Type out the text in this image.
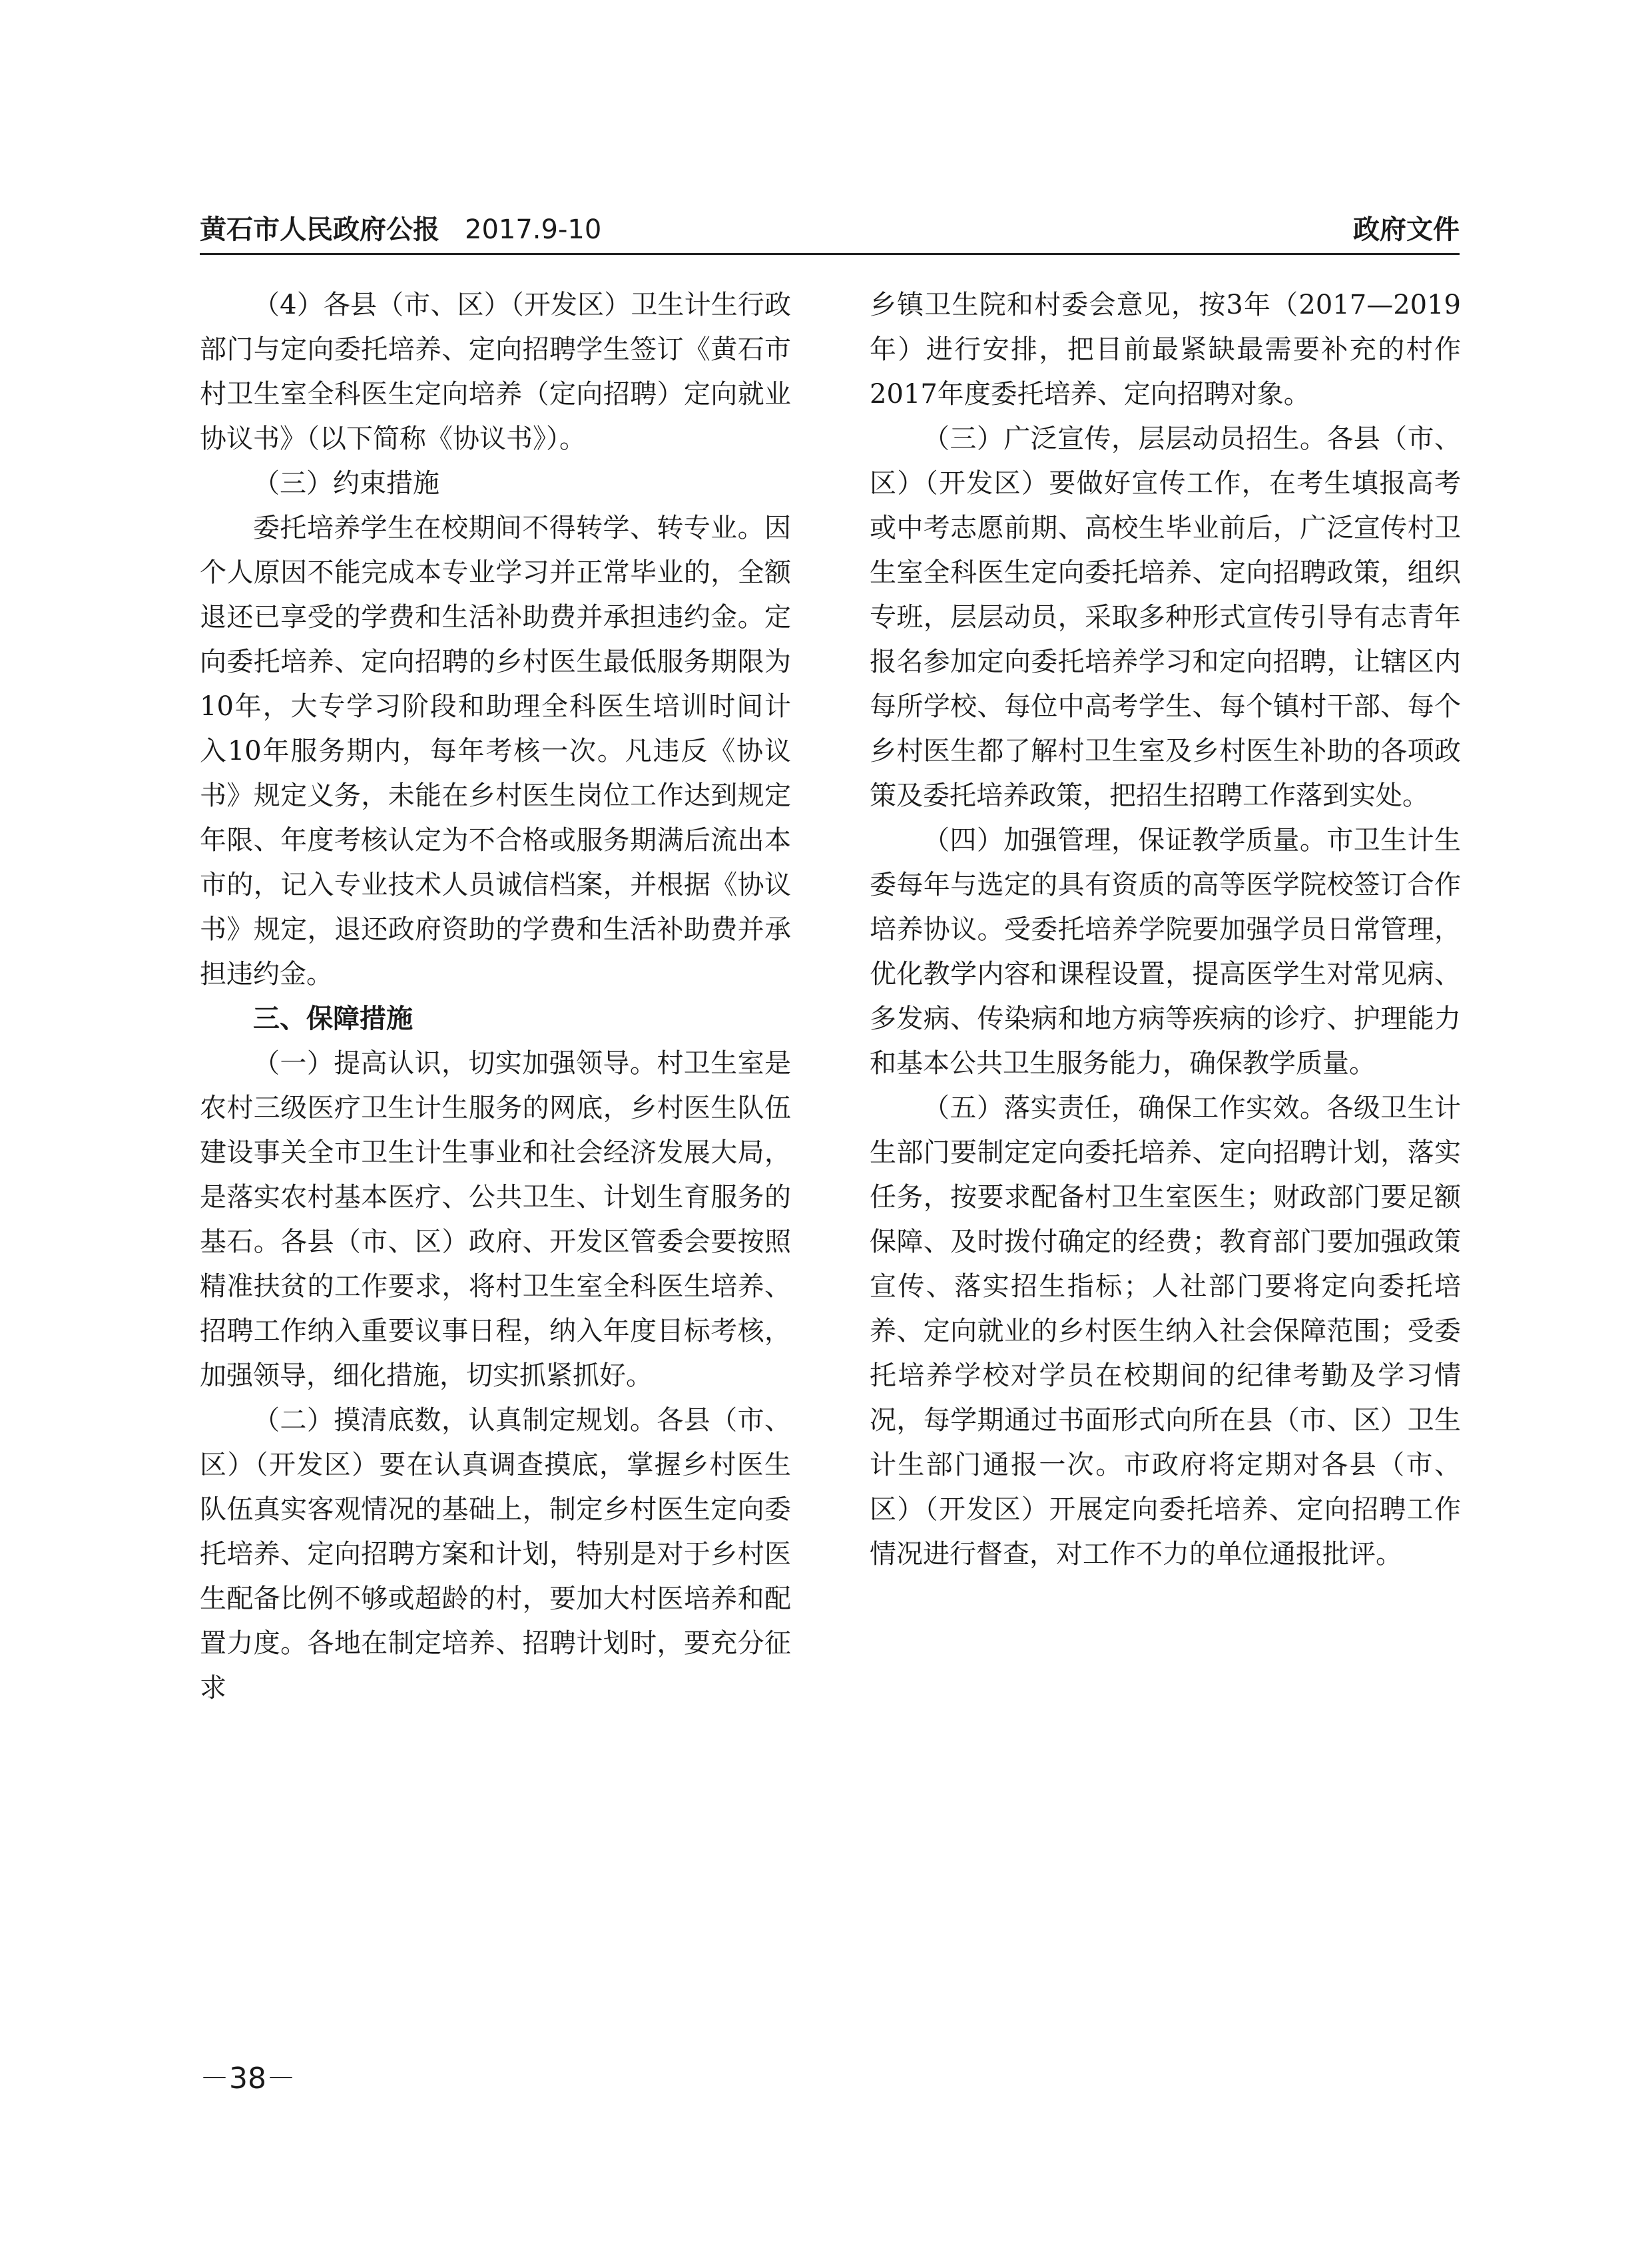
黄石市人民政府公报 2017.9-10	政府文件

（4）各县（市、区）（开发区）卫生计生行政部门与定向委托培养、定向招聘学生签订《黄石市村卫生室全科医生定向培养（定向招聘）定向就业协议书》（以下简称《协议书》）。

（三）约束措施

委托培养学生在校期间不得转学、转专业。因个人原因不能完成本专业学习并正常毕业的，全额退还已享受的学费和生活补助费并承担违约金。定向委托培养、定向招聘的乡村医生最低服务期限为10年，大专学习阶段和助理全科医生培训时间计入10年服务期内，每年考核一次。凡违反《协议书》规定义务，未能在乡村医生岗位工作达到规定年限、年度考核认定为不合格或服务期满后流出本市的，记入专业技术人员诚信档案，并根据《协议书》规定，退还政府资助的学费和生活补助费并承担违约金。

三、保障措施

（一）提高认识，切实加强领导。村卫生室是农村三级医疗卫生计生服务的网底，乡村医生队伍建设事关全市卫生计生事业和社会经济发展大局，是落实农村基本医疗、公共卫生、计划生育服务的基石。各县（市、区）政府、开发区管委会要按照精准扶贫的工作要求，将村卫生室全科医生培养、招聘工作纳入重要议事日程，纳入年度目标考核，加强领导，细化措施，切实抓紧抓好。

（二）摸清底数，认真制定规划。各县（市、区）（开发区）要在认真调查摸底，掌握乡村医生队伍真实客观情况的基础上，制定乡村医生定向委托培养、定向招聘方案和计划，特别是对于乡村医生配备比例不够或超龄的村，要加大村医培养和配置力度。各地在制定培养、招聘计划时，要充分征求

乡镇卫生院和村委会意见，按3年（2017—2019年）进行安排，把目前最紧缺最需要补充的村作2017年度委托培养、定向招聘对象。

（三）广泛宣传，层层动员招生。各县（市、区）（开发区）要做好宣传工作，在考生填报高考或中考志愿前期、高校生毕业前后，广泛宣传村卫生室全科医生定向委托培养、定向招聘政策，组织专班，层层动员，采取多种形式宣传引导有志青年报名参加定向委托培养学习和定向招聘，让辖区内每所学校、每位中高考学生、每个镇村干部、每个乡村医生都了解村卫生室及乡村医生补助的各项政策及委托培养政策，把招生招聘工作落到实处。

（四）加强管理，保证教学质量。市卫生计生委每年与选定的具有资质的高等医学院校签订合作培养协议。受委托培养学院要加强学员日常管理，优化教学内容和课程设置，提高医学生对常见病、多发病、传染病和地方病等疾病的诊疗、护理能力和基本公共卫生服务能力，确保教学质量。

（五）落实责任，确保工作实效。各级卫生计生部门要制定定向委托培养、定向招聘计划，落实任务，按要求配备村卫生室医生；财政部门要足额保障、及时拨付确定的经费；教育部门要加强政策宣传、落实招生指标；人社部门要将定向委托培养、定向就业的乡村医生纳入社会保障范围；受委托培养学校对学员在校期间的纪律考勤及学习情况，每学期通过书面形式向所在县（市、区）卫生计生部门通报一次。市政府将定期对各县（市、区）（开发区）开展定向委托培养、定向招聘工作情况进行督查，对工作不力的单位通报批评。

－38－
